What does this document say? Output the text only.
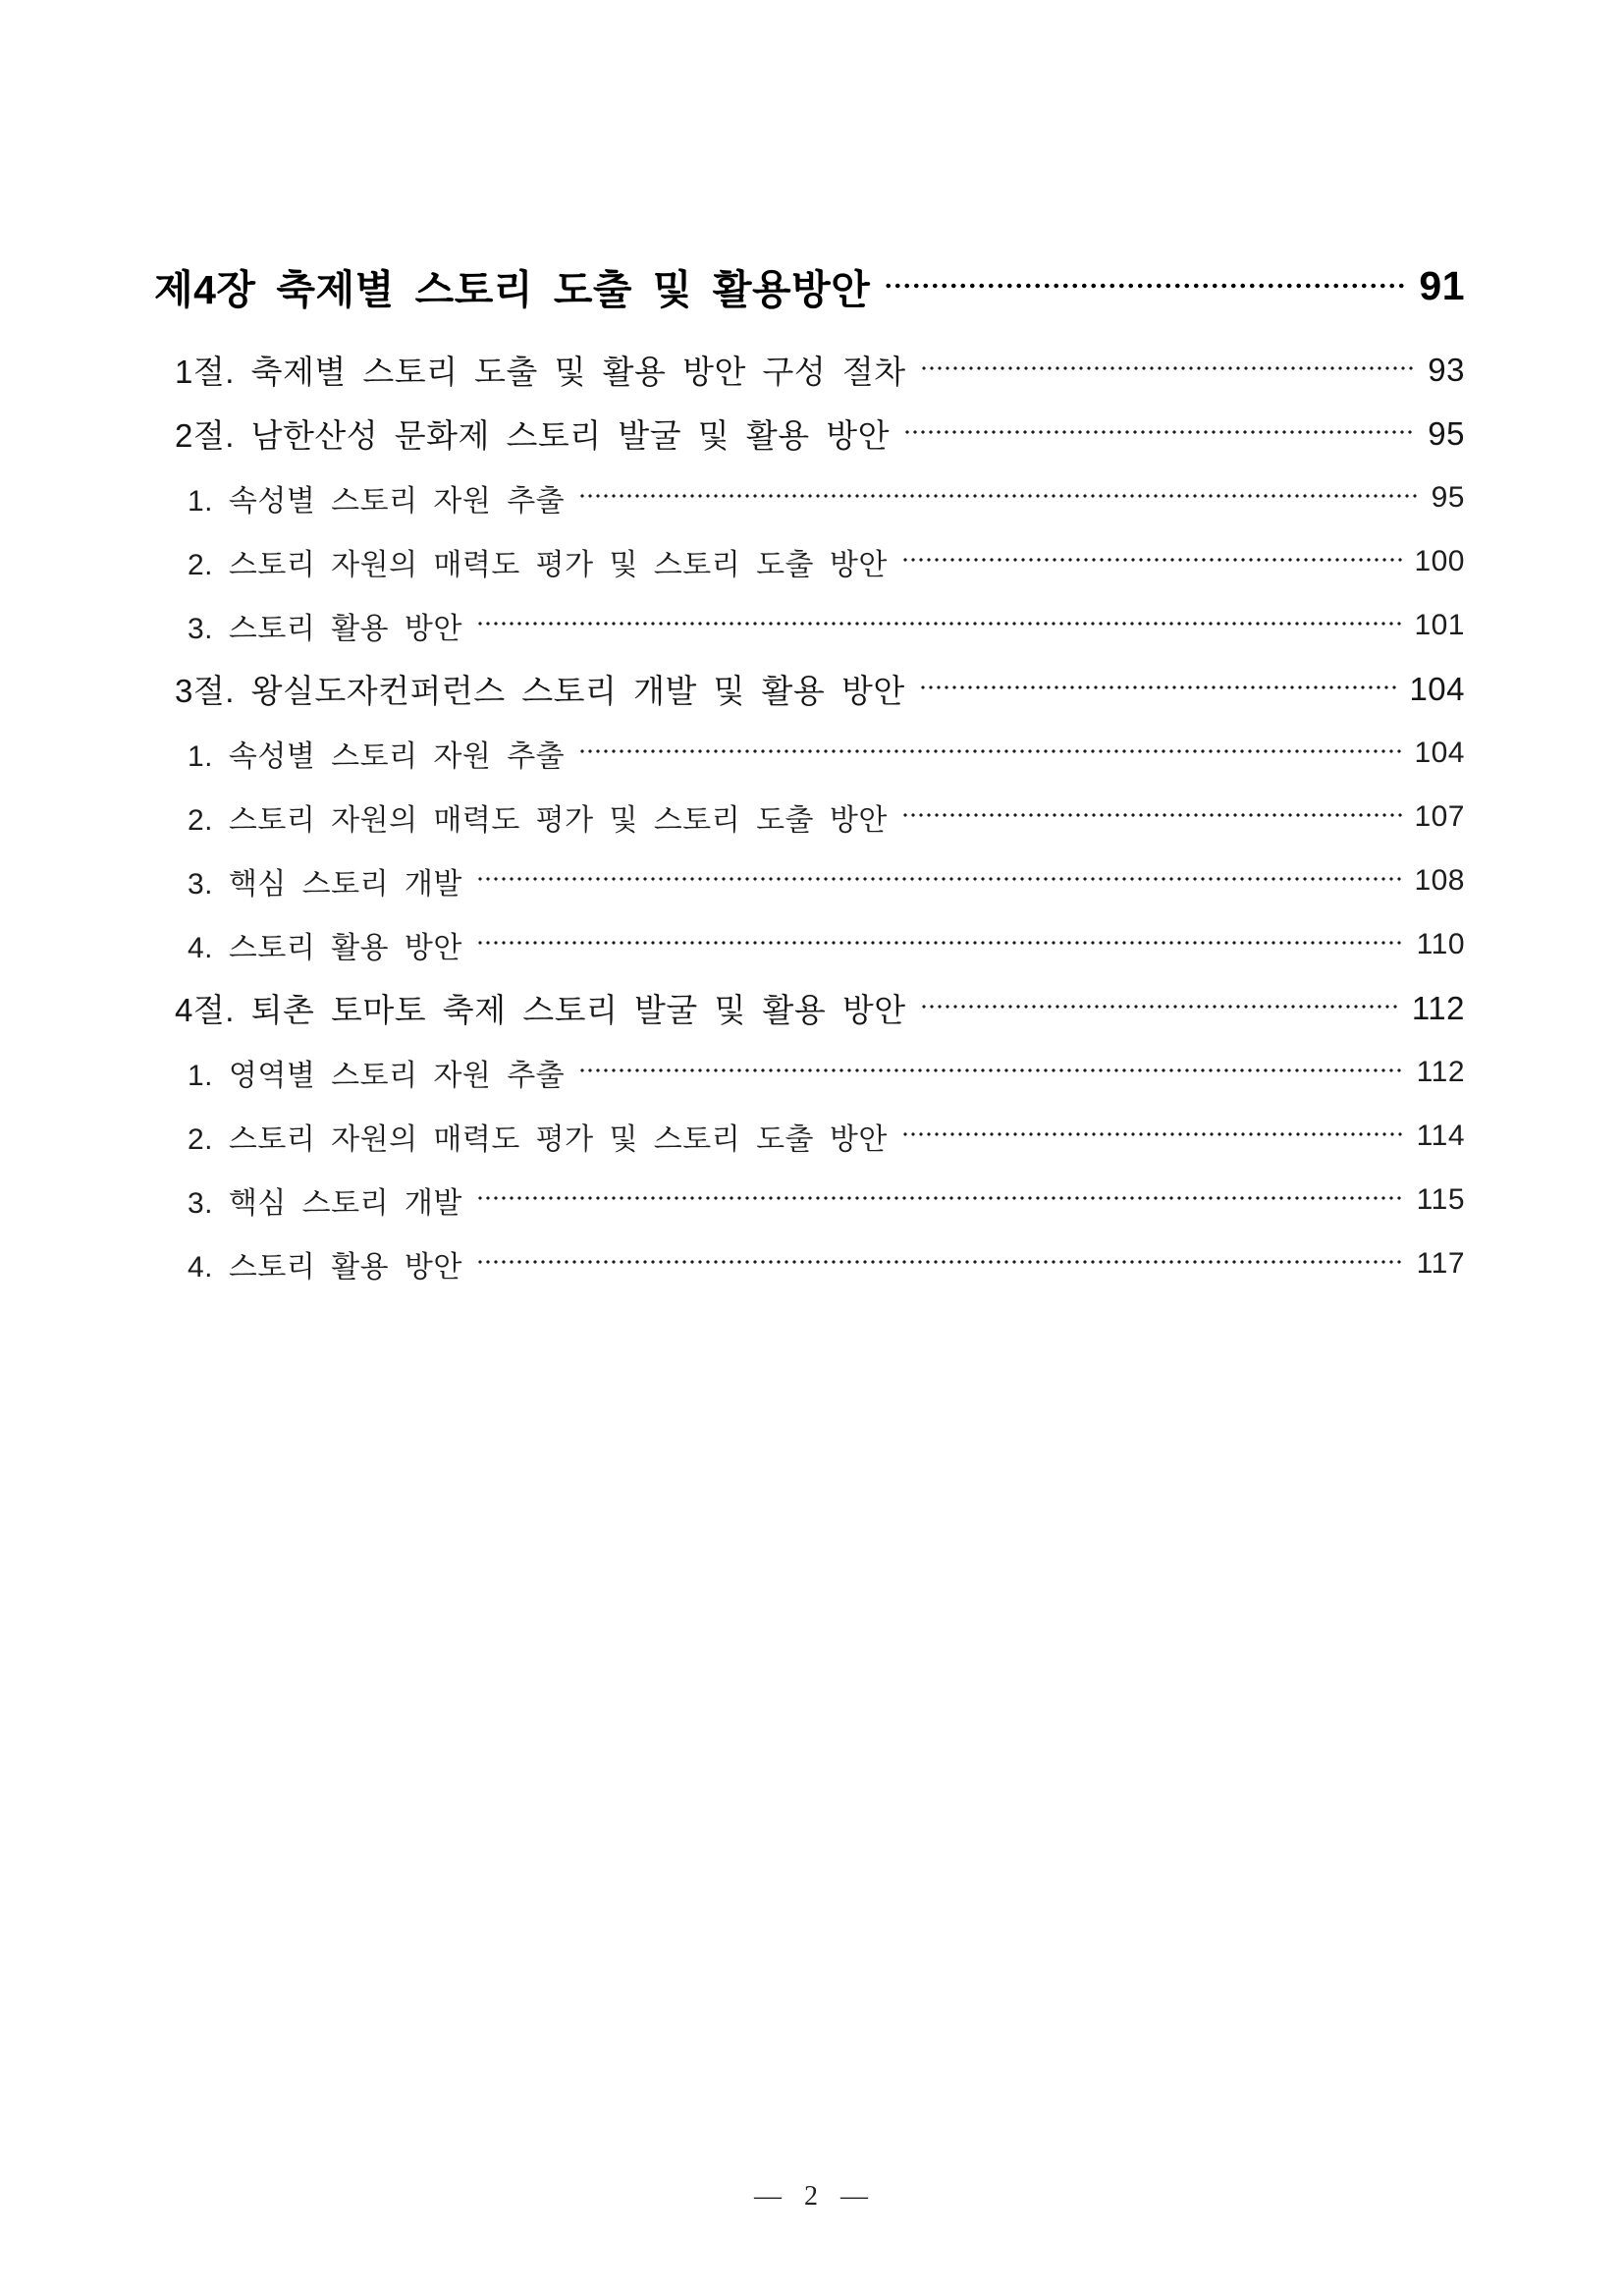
제4장 축제별 스토리 도출 및 활용방안	91
1절. 축제별 스토리 도출 및 활용 방안 구성 절차	93
2절. 남한산성 문화제 스토리 발굴 및 활용 방안	95
1. 속성별 스토리 자원 추출	95
2. 스토리 자원의 매력도 평가 및 스토리 도출 방안	100
3. 스토리 활용 방안	101
3절. 왕실도자컨퍼런스 스토리 개발 및 활용 방안	104
1. 속성별 스토리 자원 추출	104
2. 스토리 자원의 매력도 평가 및 스토리 도출 방안	107
3. 핵심 스토리 개발	108
4. 스토리 활용 방안	110
4절. 퇴촌 토마토 축제 스토리 발굴 및 활용 방안	112
1. 영역별 스토리 자원 추출	112
2. 스토리 자원의 매력도 평가 및 스토리 도출 방안	114
3. 핵심 스토리 개발	115
4. 스토리 활용 방안	117
— 2 —
